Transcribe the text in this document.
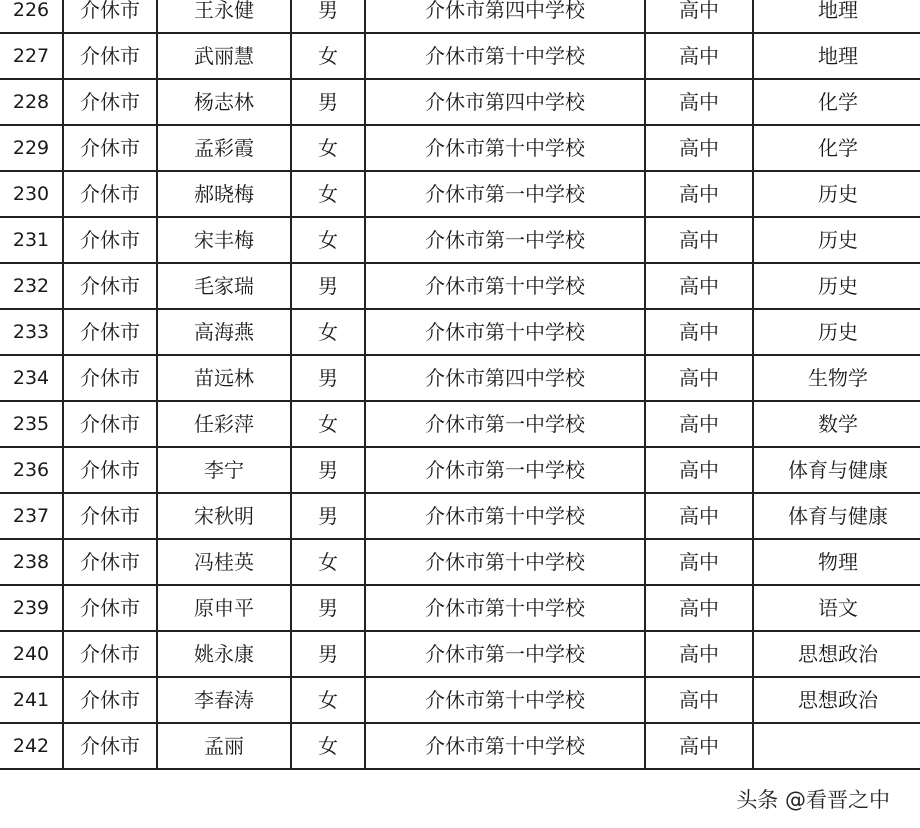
226	介休市	王永健	男	介休市第四中学校	高中	地理
227	介休市	武丽慧	女	介休市第十中学校	高中	地理
228	介休市	杨志林	男	介休市第四中学校	高中	化学
229	介休市	孟彩霞	女	介休市第十中学校	高中	化学
230	介休市	郝晓梅	女	介休市第一中学校	高中	历史
231	介休市	宋丰梅	女	介休市第一中学校	高中	历史
232	介休市	毛家瑞	男	介休市第十中学校	高中	历史
233	介休市	高海燕	女	介休市第十中学校	高中	历史
234	介休市	苗远林	男	介休市第四中学校	高中	生物学
235	介休市	任彩萍	女	介休市第一中学校	高中	数学
236	介休市	李宁	男	介休市第一中学校	高中	体育与健康
237	介休市	宋秋明	男	介休市第十中学校	高中	体育与健康
238	介休市	冯桂英	女	介休市第十中学校	高中	物理
239	介休市	原申平	男	介休市第十中学校	高中	语文
240	介休市	姚永康	男	介休市第一中学校	高中	思想政治
241	介休市	李春涛	女	介休市第十中学校	高中	思想政治
242	介休市	孟丽	女	介休市第十中学校	高中	
头条 @看晋之中
